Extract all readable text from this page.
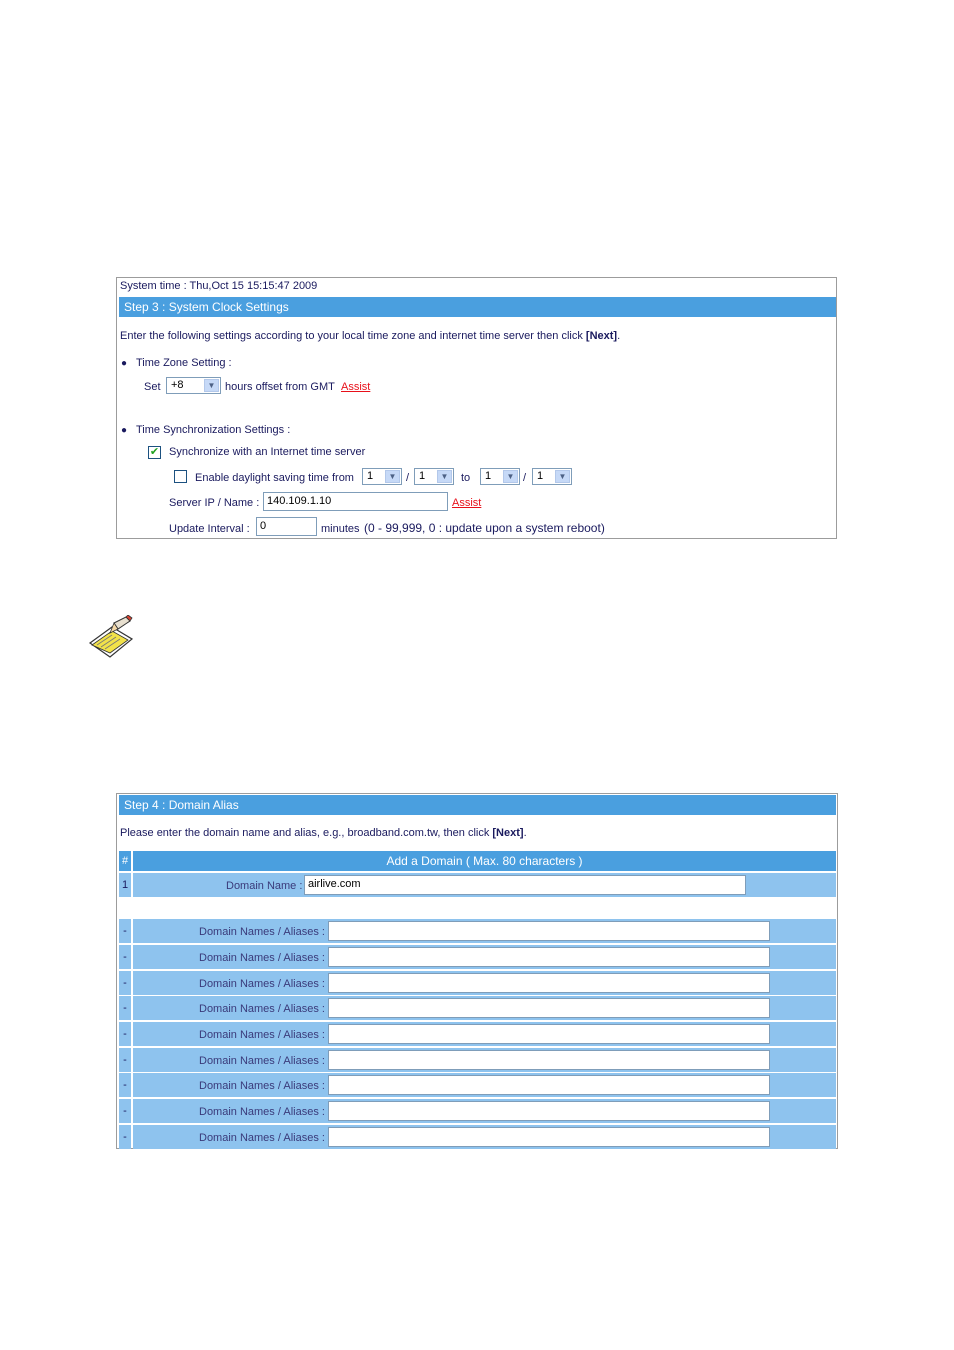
System time : Thu,Oct 15 15:15:47 2009
Step 3 : System Clock Settings
Enter the following settings according to your local time zone and internet time server then click [Next].
● Time Zone Setting :
Set +8	▼ hours offset from GMT Assist
● Time Synchronization Settings :
✔ Synchronize with an Internet time server
Enable daylight saving time from 1	▼ / 1	▼	to 1	▼ / 1	▼
Server IP / Name : 140.109.1.10	Assist
Update Interval : 0	minutes (0 - 99,999, 0 : update upon a system reboot)
Step 4 : Domain Alias
Please enter the domain name and alias, e.g., broadband.com.tw, then click [Next].
#	Add a Domain ( Max. 80 characters )
1	Domain Name : airlive.com
-	Domain Names / Aliases :
-	Domain Names / Aliases :
-	Domain Names / Aliases :
-	Domain Names / Aliases :
-	Domain Names / Aliases :
-	Domain Names / Aliases :
-	Domain Names / Aliases :
-	Domain Names / Aliases :
-	Domain Names / Aliases :
